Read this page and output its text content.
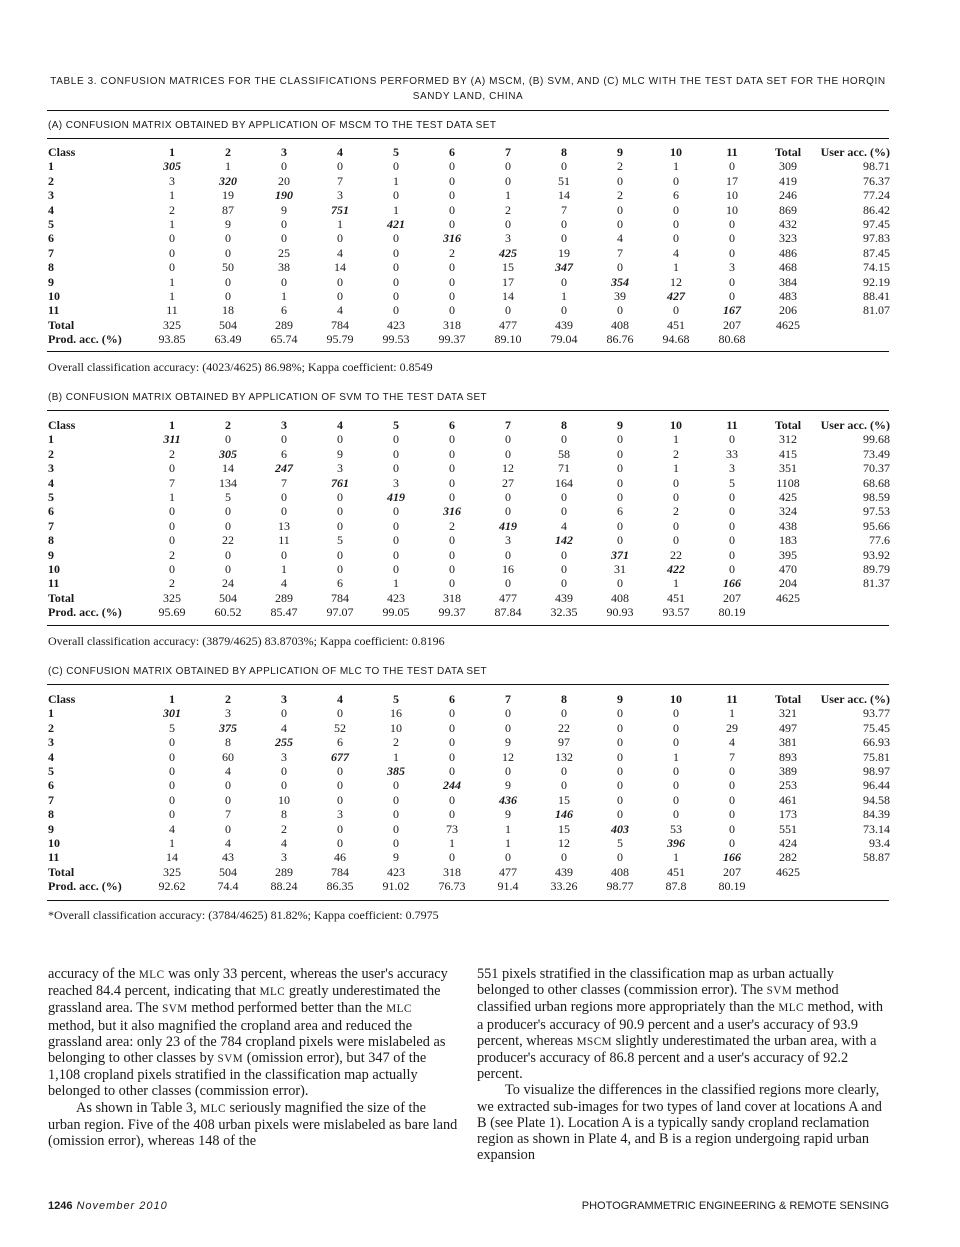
TABLE 3. CONFUSION MATRICES FOR THE CLASSIFICATIONS PERFORMED BY (A) MSCM, (B) SVM, AND (C) MLC WITH THE TEST DATA SET FOR THE HORQIN SANDY LAND, CHINA
(A) CONFUSION MATRIX OBTAINED BY APPLICATION OF MSCM TO THE TEST DATA SET
Class	1	2	3	4	5	6	7	8	9	10	11	Total	User acc. (%)
1	305	1	0	0	0	0	0	0	2	1	0	309	98.71
2	3	320	20	7	1	0	0	51	0	0	17	419	76.37
3	1	19	190	3	0	0	1	14	2	6	10	246	77.24
4	2	87	9	751	1	0	2	7	0	0	10	869	86.42
5	1	9	0	1	421	0	0	0	0	0	0	432	97.45
6	0	0	0	0	0	316	3	0	4	0	0	323	97.83
7	0	0	25	4	0	2	425	19	7	4	0	486	87.45
8	0	50	38	14	0	0	15	347	0	1	3	468	74.15
9	1	0	0	0	0	0	17	0	354	12	0	384	92.19
10	1	0	1	0	0	0	14	1	39	427	0	483	88.41
11	11	18	6	4	0	0	0	0	0	0	167	206	81.07
Total	325	504	289	784	423	318	477	439	408	451	207	4625	
Prod. acc. (%)	93.85	63.49	65.74	95.79	99.53	99.37	89.10	79.04	86.76	94.68	80.68		
Overall classification accuracy: (4023/4625) 86.98%; Kappa coefficient: 0.8549
(B) CONFUSION MATRIX OBTAINED BY APPLICATION OF SVM TO THE TEST DATA SET
Class	1	2	3	4	5	6	7	8	9	10	11	Total	User acc. (%)
1	311	0	0	0	0	0	0	0	0	1	0	312	99.68
2	2	305	6	9	0	0	0	58	0	2	33	415	73.49
3	0	14	247	3	0	0	12	71	0	1	3	351	70.37
4	7	134	7	761	3	0	27	164	0	0	5	1108	68.68
5	1	5	0	0	419	0	0	0	0	0	0	425	98.59
6	0	0	0	0	0	316	0	0	6	2	0	324	97.53
7	0	0	13	0	0	2	419	4	0	0	0	438	95.66
8	0	22	11	5	0	0	3	142	0	0	0	183	77.6
9	2	0	0	0	0	0	0	0	371	22	0	395	93.92
10	0	0	1	0	0	0	16	0	31	422	0	470	89.79
11	2	24	4	6	1	0	0	0	0	1	166	204	81.37
Total	325	504	289	784	423	318	477	439	408	451	207	4625	
Prod. acc. (%)	95.69	60.52	85.47	97.07	99.05	99.37	87.84	32.35	90.93	93.57	80.19		
Overall classification accuracy: (3879/4625) 83.8703%; Kappa coefficient: 0.8196
(C) CONFUSION MATRIX OBTAINED BY APPLICATION OF MLC TO THE TEST DATA SET
Class	1	2	3	4	5	6	7	8	9	10	11	Total	User acc. (%)
1	301	3	0	0	16	0	0	0	0	0	1	321	93.77
2	5	375	4	52	10	0	0	22	0	0	29	497	75.45
3	0	8	255	6	2	0	9	97	0	0	4	381	66.93
4	0	60	3	677	1	0	12	132	0	1	7	893	75.81
5	0	4	0	0	385	0	0	0	0	0	0	389	98.97
6	0	0	0	0	0	244	9	0	0	0	0	253	96.44
7	0	0	10	0	0	0	436	15	0	0	0	461	94.58
8	0	7	8	3	0	0	9	146	0	0	0	173	84.39
9	4	0	2	0	0	73	1	15	403	53	0	551	73.14
10	1	4	4	0	0	1	1	12	5	396	0	424	93.4
11	14	43	3	46	9	0	0	0	0	1	166	282	58.87
Total	325	504	289	784	423	318	477	439	408	451	207	4625	
Prod. acc. (%)	92.62	74.4	88.24	86.35	91.02	76.73	91.4	33.26	98.77	87.8	80.19		
*Overall classification accuracy: (3784/4625) 81.82%; Kappa coefficient: 0.7975

accuracy of the MLC was only 33 percent, whereas the user's accuracy reached 84.4 percent, indicating that MLC greatly underestimated the grassland area. The SVM method performed better than the MLC method, but it also magnified the cropland area and reduced the grassland area: only 23 of the 784 cropland pixels were mislabeled as belonging to other classes by SVM (omission error), but 347 of the 1,108 cropland pixels stratified in the classification map actually belonged to other classes (commission error).

As shown in Table 3, MLC seriously magnified the size of the urban region. Five of the 408 urban pixels were mislabeled as bare land (omission error), whereas 148 of the

551 pixels stratified in the classification map as urban actually belonged to other classes (commission error). The SVM method classified urban regions more appropriately than the MLC method, with a producer's accuracy of 90.9 percent and a user's accuracy of 93.9 percent, whereas MSCM slightly underestimated the urban area, with a producer's accuracy of 86.8 percent and a user's accuracy of 92.2 percent.

To visualize the differences in the classified regions more clearly, we extracted sub-images for two types of land cover at locations A and B (see Plate 1). Location A is a typically sandy cropland reclamation region as shown in Plate 4, and B is a region undergoing rapid urban expansion

1246 November 2010	PHOTOGRAMMETRIC ENGINEERING & REMOTE SENSING
